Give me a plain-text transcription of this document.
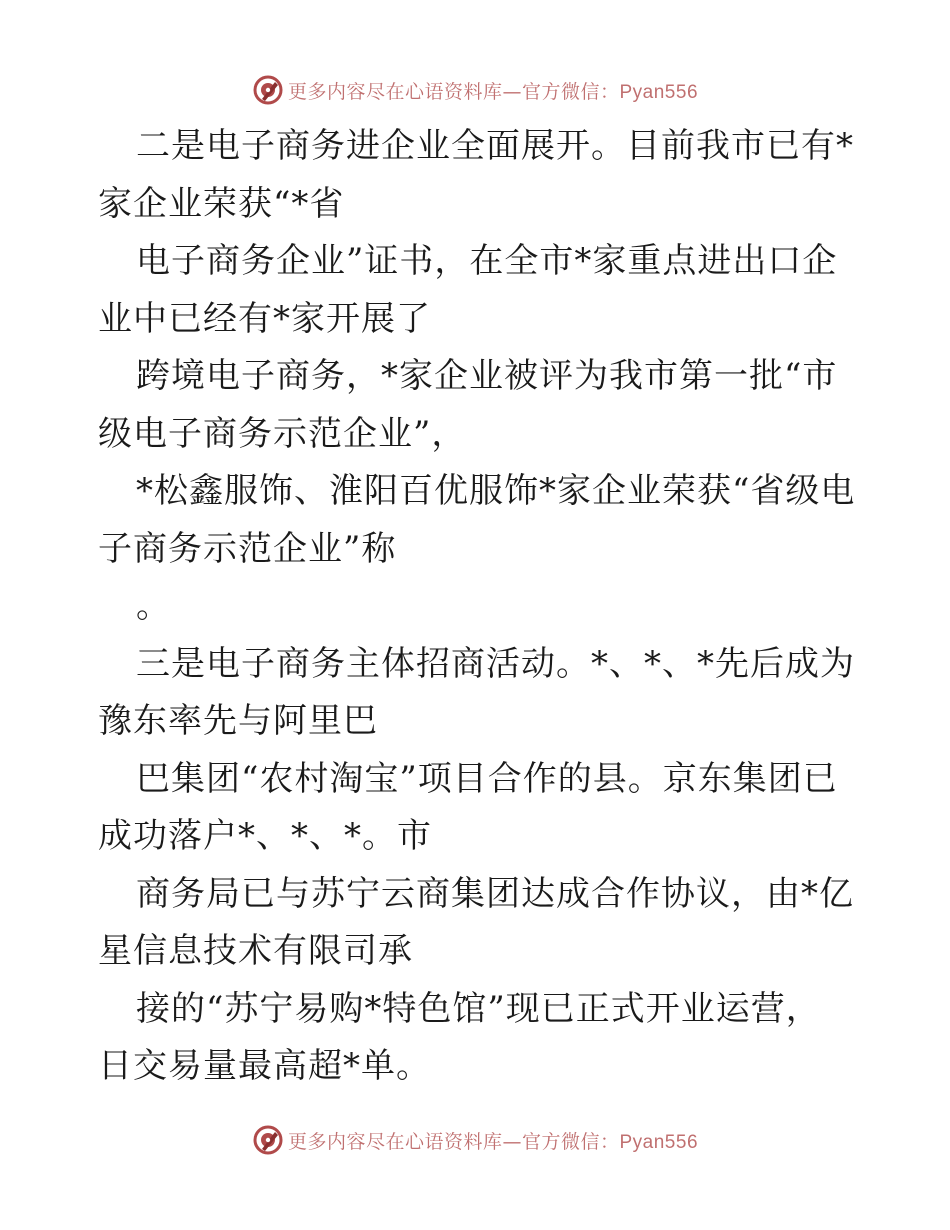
更多内容尽在心语资料库—官方微信：Pyan556
二是电子商务进企业全面展开。目前我市已有*
家企业荣获“*省
电子商务企业”证书，在全市*家重点进出口企
业中已经有*家开展了
跨境电子商务，*家企业被评为我市第一批“市
级电子商务示范企业”，
*松鑫服饰、淮阳百优服饰*家企业荣获“省级电
子商务示范企业”称
。
三是电子商务主体招商活动。*、*、*先后成为
豫东率先与阿里巴
巴集团“农村淘宝”项目合作的县。京东集团已
成功落户*、*、*。市
商务局已与苏宁云商集团达成合作协议，由*亿
星信息技术有限司承
接的“苏宁易购*特色馆”现已正式开业运营，
日交易量最高超*单。
更多内容尽在心语资料库—官方微信：Pyan556
